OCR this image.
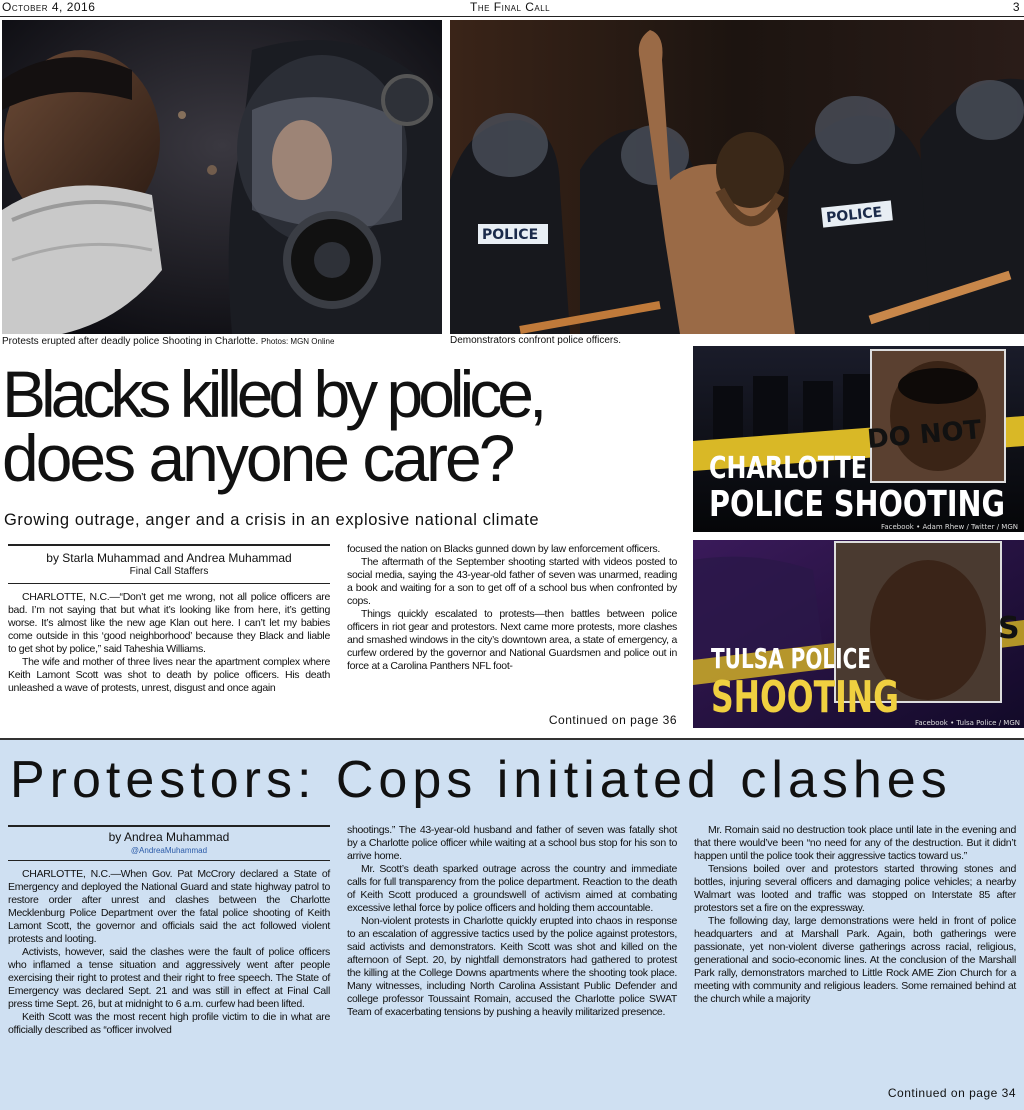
October 4, 2016	The Final Call	3
Protests erupted after deadly police Shooting in Charlotte. Photos: MGN Online
POLICE
POLICE
Demonstrators confront police officers.
Blacks killed by police,
does anyone care?
Growing outrage, anger and a crisis in an explosive national climate
DO NOT
CHARLOTTE
POLICE SHOOTING
Facebook • Adam Rhew / Twitter / MGN
S
TULSA POLICE
SHOOTING Facebook • Tulsa Police / MGN
by Starla Muhammad and Andrea Muhammad
Final Call Staffers

CHARLOTTE, N.C.—“Don’t get me wrong, not all police officers are bad. I’m not saying that but what it’s looking like from here, it’s getting worse. It’s almost like the new age Klan out here. I can’t let my babies come outside in this ‘good neighborhood’ because they Black and liable to get shot by police,” said Taheshia Williams.

The wife and mother of three lives near the apartment complex where Keith Lamont Scott was shot to death by police officers. His death unleashed a wave of protests, unrest, disgust and once again

focused the nation on Blacks gunned down by law enforcement officers.

The aftermath of the September shooting started with videos posted to social media, saying the 43-year-old father of seven was unarmed, reading a book and waiting for a son to get off of a school bus when confronted by cops.

Things quickly escalated to protests—then battles between police officers in riot gear and protestors. Next came more protests, more clashes and smashed windows in the city’s downtown area, a state of emergency, a curfew ordered by the governor and National Guardsmen and police out in force at a Carolina Panthers NFL foot-

Continued on page 36
Protestors: Cops initiated clashes
by Andrea Muhammad
@AndreaMuhammad

CHARLOTTE, N.C.—When Gov. Pat McCrory declared a State of Emergency and deployed the National Guard and state highway patrol to restore order after unrest and clashes between the Charlotte Mecklenburg Police Department over the fatal police shooting of Keith Lamont Scott, the governor and officials said the act followed violent protests and looting.

Activists, however, said the clashes were the fault of police officers who inflamed a tense situation and aggressively went after people exercising their right to protest and their right to free speech. The State of Emergency was declared Sept. 21 and was still in effect at Final Call press time Sept. 26, but at midnight to 6 a.m. curfew had been lifted.

Keith Scott was the most recent high profile victim to die in what are officially described as “officer involved

shootings.” The 43-year-old husband and father of seven was fatally shot by a Charlotte police officer while waiting at a school bus stop for his son to arrive home.

Mr. Scott’s death sparked outrage across the country and immediate calls for full transparency from the police department. Reaction to the death of Keith Scott produced a groundswell of activism aimed at combating excessive lethal force by police officers and holding them accountable.

Non-violent protests in Charlotte quickly erupted into chaos in response to an escalation of aggressive tactics used by the police against protestors, said activists and demonstrators. Keith Scott was shot and killed on the afternoon of Sept. 20, by nightfall demonstrators had gathered to protest the killing at the College Downs apartments where the shooting took place. Many witnesses, including North Carolina Assistant Public Defender and college professor Toussaint Romain, accused the Charlotte police SWAT Team of exacerbating tensions by pushing a heavily militarized presence.

Mr. Romain said no destruction took place until late in the evening and that there would’ve been “no need for any of the destruction. But it didn’t happen until the police took their aggressive tactics toward us.”

Tensions boiled over and protestors started throwing stones and bottles, injuring several officers and damaging police vehicles; a nearby Walmart was looted and traffic was stopped on Interstate 85 after protestors set a fire on the expressway.

The following day, large demonstrations were held in front of police headquarters and at Marshall Park. Again, both gatherings were passionate, yet non-violent diverse gatherings across racial, religious, generational and socio-economic lines. At the conclusion of the Marshall Park rally, demonstrators marched to Little Rock AME Zion Church for a meeting with community and religious leaders. Some remained behind at the church while a majority

Continued on page 34
